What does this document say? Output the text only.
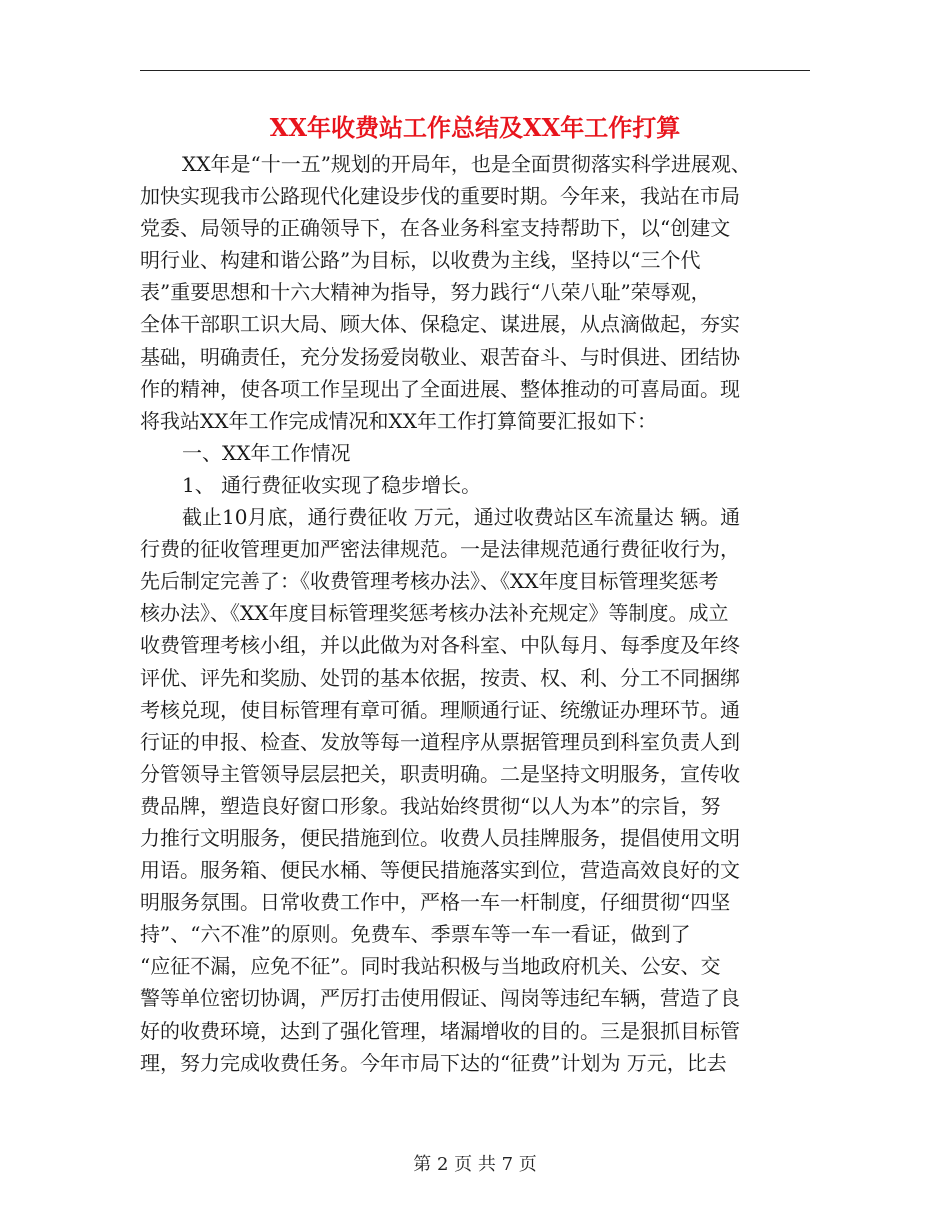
XX年收费站工作总结及XX年工作打算
XX年是“十一五”规划的开局年，也是全面贯彻落实科学进展观、
加快实现我市公路现代化建设步伐的重要时期。今年来，我站在市局
党委、局领导的正确领导下，在各业务科室支持帮助下，以“创建文
明行业、构建和谐公路”为目标，以收费为主线，坚持以“三个代
表”重要思想和十六大精神为指导，努力践行“八荣八耻”荣辱观，
全体干部职工识大局、顾大体、保稳定、谋进展，从点滴做起，夯实
基础，明确责任，充分发扬爱岗敬业、艰苦奋斗、与时俱进、团结协
作的精神，使各项工作呈现出了全面进展、整体推动的可喜局面。现
将我站XX年工作完成情况和XX年工作打算简要汇报如下：
一、XX年工作情况
1、 通行费征收实现了稳步增长。
截止10月底，通行费征收 万元，通过收费站区车流量达 辆。通
行费的征收管理更加严密法律规范。一是法律规范通行费征收行为，
先后制定完善了：《收费管理考核办法》、《XX年度目标管理奖惩考
核办法》、《XX年度目标管理奖惩考核办法补充规定》等制度。成立
收费管理考核小组，并以此做为对各科室、中队每月、每季度及年终
评优、评先和奖励、处罚的基本依据，按责、权、利、分工不同捆绑
考核兑现，使目标管理有章可循。理顺通行证、统缴证办理环节。通
行证的申报、检查、发放等每一道程序从票据管理员到科室负责人到
分管领导主管领导层层把关，职责明确。二是坚持文明服务，宣传收
费品牌，塑造良好窗口形象。我站始终贯彻“以人为本”的宗旨，努
力推行文明服务，便民措施到位。收费人员挂牌服务，提倡使用文明
用语。服务箱、便民水桶、等便民措施落实到位，营造高效良好的文
明服务氛围。日常收费工作中，严格一车一杆制度，仔细贯彻“四坚
持”、“六不准”的原则。免费车、季票车等一车一看证，做到了
“应征不漏，应免不征”。同时我站积极与当地政府机关、公安、交
警等单位密切协调，严厉打击使用假证、闯岗等违纪车辆，营造了良
好的收费环境，达到了强化管理，堵漏增收的目的。三是狠抓目标管
理，努力完成收费任务。今年市局下达的“征费”计划为 万元，比去
第 2 页 共 7 页
